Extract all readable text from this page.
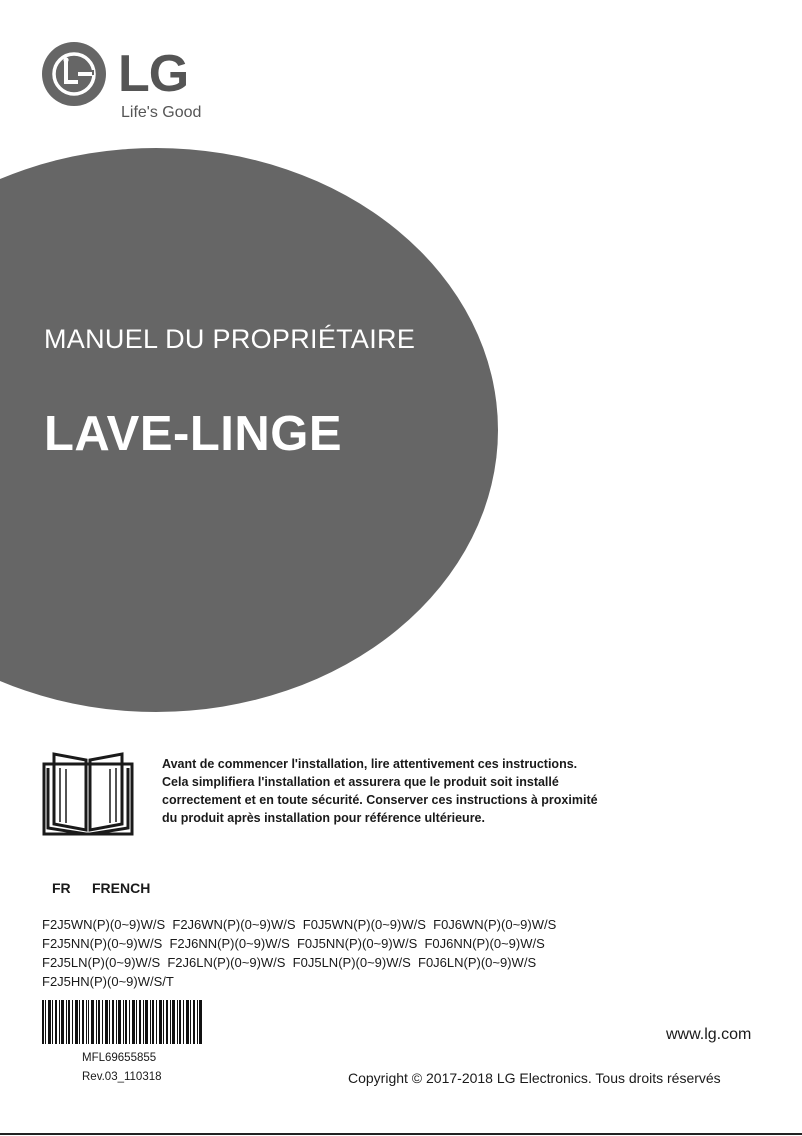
LG
Life's Good
MANUEL DU PROPRIÉTAIRE
LAVE-LINGE
Avant de commencer l'installation, lire attentivement ces instructions.
Cela simplifiera l'installation et assurera que le produit soit installé
correctement et en toute sécurité. Conserver ces instructions à proximité
du produit après installation pour référence ultérieure.
FR FRENCH
F2J5WN(P)(0~9)W/S  F2J6WN(P)(0~9)W/S  F0J5WN(P)(0~9)W/S  F0J6WN(P)(0~9)W/S
F2J5NN(P)(0~9)W/S  F2J6NN(P)(0~9)W/S  F0J5NN(P)(0~9)W/S  F0J6NN(P)(0~9)W/S
F2J5LN(P)(0~9)W/S  F2J6LN(P)(0~9)W/S  F0J5LN(P)(0~9)W/S  F0J6LN(P)(0~9)W/S
F2J5HN(P)(0~9)W/S/T
MFL69655855
Rev.03_110318
www.lg.com
Copyright © 2017-2018 LG Electronics. Tous droits réservés
